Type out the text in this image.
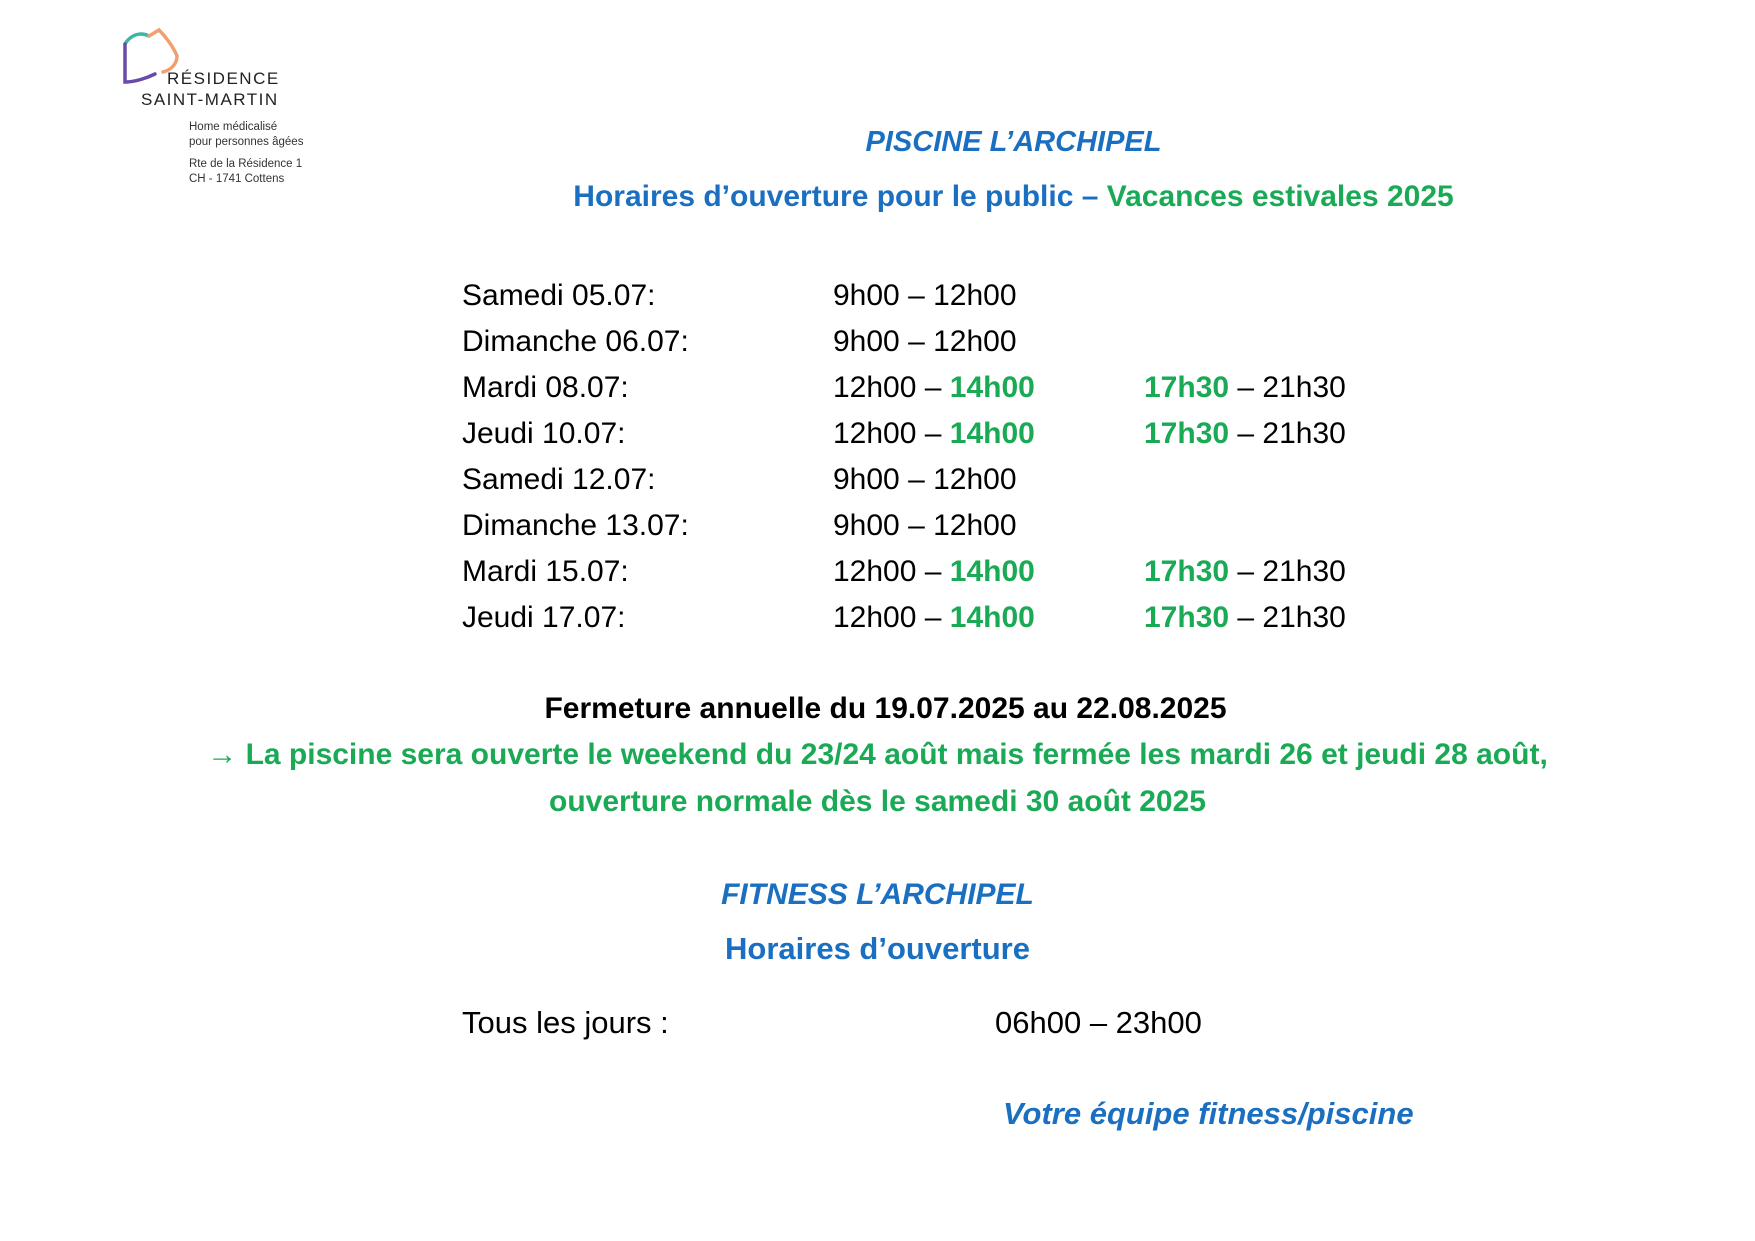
RÉSIDENCE
SAINT-MARTIN
Home médicalisé
pour personnes âgées
Rte de la Résidence 1
CH - 1741 Cottens
PISCINE L’ARCHIPEL
Horaires d’ouverture pour le public – Vacances estivales 2025
Samedi 05.07:	9h00 – 12h00
Dimanche 06.07:	9h00 – 12h00
Mardi 08.07:	12h00 – 14h00	17h30 – 21h30
Jeudi 10.07:	12h00 – 14h00	17h30 – 21h30
Samedi 12.07:	9h00 – 12h00
Dimanche 13.07:	9h00 – 12h00
Mardi 15.07:	12h00 – 14h00	17h30 – 21h30
Jeudi 17.07:	12h00 – 14h00	17h30 – 21h30
Fermeture annuelle du 19.07.2025 au 22.08.2025
→ La piscine sera ouverte le weekend du 23/24 août mais fermée les mardi 26 et jeudi 28 août,
ouverture normale dès le samedi 30 août 2025
FITNESS L’ARCHIPEL
Horaires d’ouverture
Tous les jours :	06h00 – 23h00
Votre équipe fitness/piscine
